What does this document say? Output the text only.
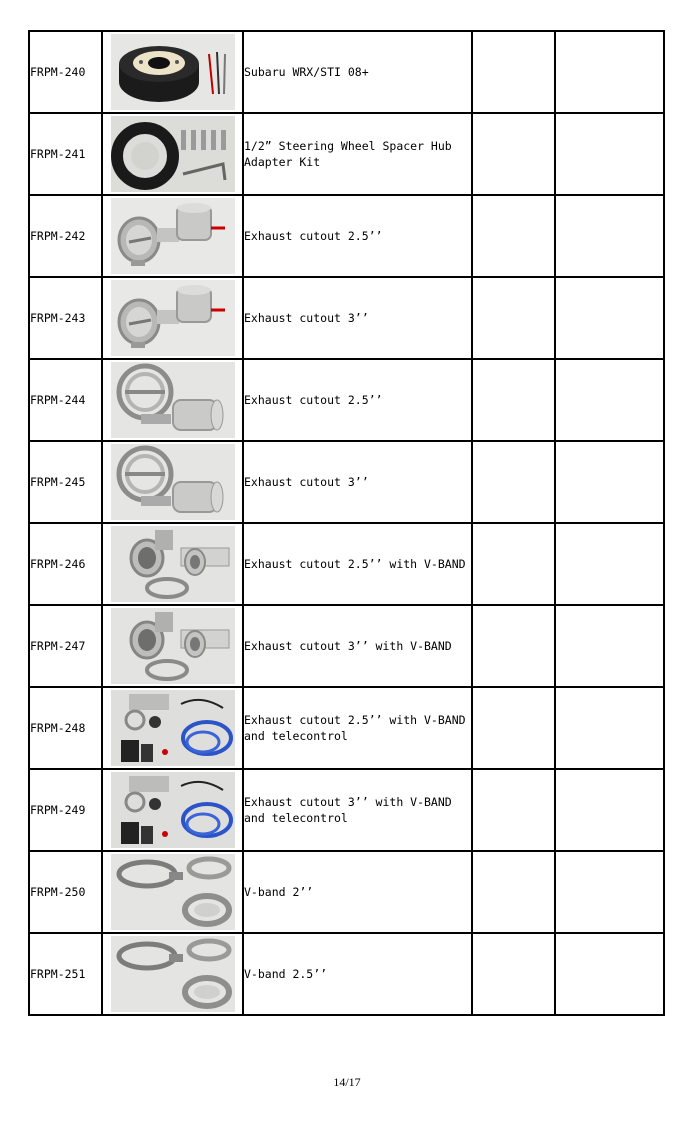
FRPM-240		Subaru WRX/STI 08+		
FRPM-241		1/2” Steering Wheel Spacer Hub Adapter Kit		
FRPM-242		Exhaust cutout 2.5’’		
FRPM-243		Exhaust cutout 3’’		
FRPM-244		Exhaust cutout 2.5’’		
FRPM-245		Exhaust cutout 3’’		
FRPM-246		Exhaust cutout 2.5’’ with V-BAND		
FRPM-247		Exhaust cutout 3’’ with V-BAND		
FRPM-248		Exhaust cutout 2.5’’ with V-BAND and telecontrol		
FRPM-249		Exhaust cutout 3’’ with V-BAND and telecontrol		
FRPM-250		V-band 2’’		
FRPM-251		V-band 2.5’’		
14/17
